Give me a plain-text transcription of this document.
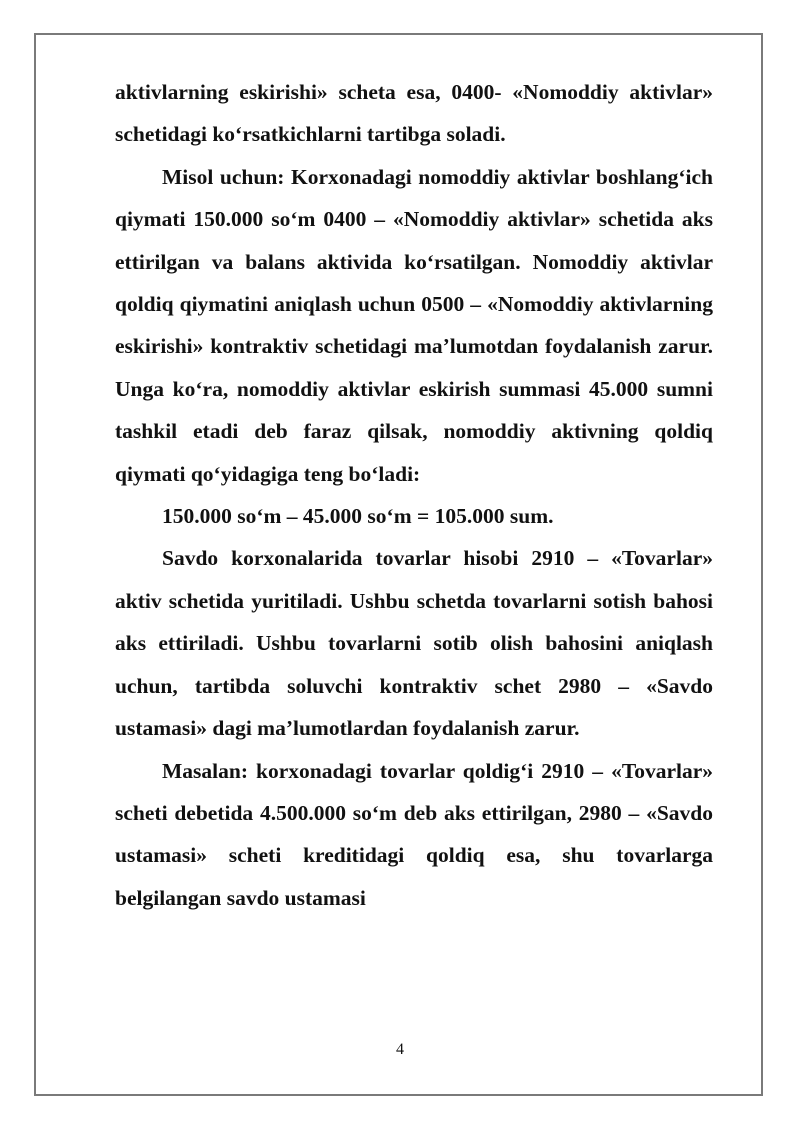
aktivlarning eskirishi» scheta esa, 0400- «Nomoddiy aktivlar» schetidagi ko‘rsatkichlarni tartibga soladi.

Misol uchun: Korxonadagi nomoddiy aktivlar boshlang‘ich qiymati 150.000 so‘m 0400 – «Nomoddiy aktivlar» schetida aks ettirilgan va balans aktivida ko‘rsatilgan. Nomoddiy aktivlar qoldiq qiymatini aniqlash uchun 0500 – «Nomoddiy aktivlarning eskirishi» kontraktiv schetidagi ma’lumotdan foydalanish zarur. Unga ko‘ra, nomoddiy aktivlar eskirish summasi 45.000 sumni tashkil etadi deb faraz qilsak, nomoddiy aktivning qoldiq qiymati qo‘yidagiga teng bo‘ladi:

150.000 so‘m – 45.000 so‘m = 105.000 sum.

Savdo korxonalarida tovarlar hisobi 2910 – «Tovarlar» aktiv schetida yuritiladi. Ushbu schetda tovarlarni sotish bahosi aks ettiriladi. Ushbu tovarlarni sotib olish bahosini aniqlash uchun, tartibda soluvchi kontraktiv schet 2980 – «Savdo ustamasi» dagi ma’lumotlardan foydalanish zarur.

Masalan: korxonadagi tovarlar qoldig‘i 2910 – «Tovarlar» scheti debetida 4.500.000 so‘m deb aks ettirilgan, 2980 – «Savdo ustamasi» scheti kreditidagi qoldiq esa, shu tovarlarga belgilangan savdo ustamasi

4
